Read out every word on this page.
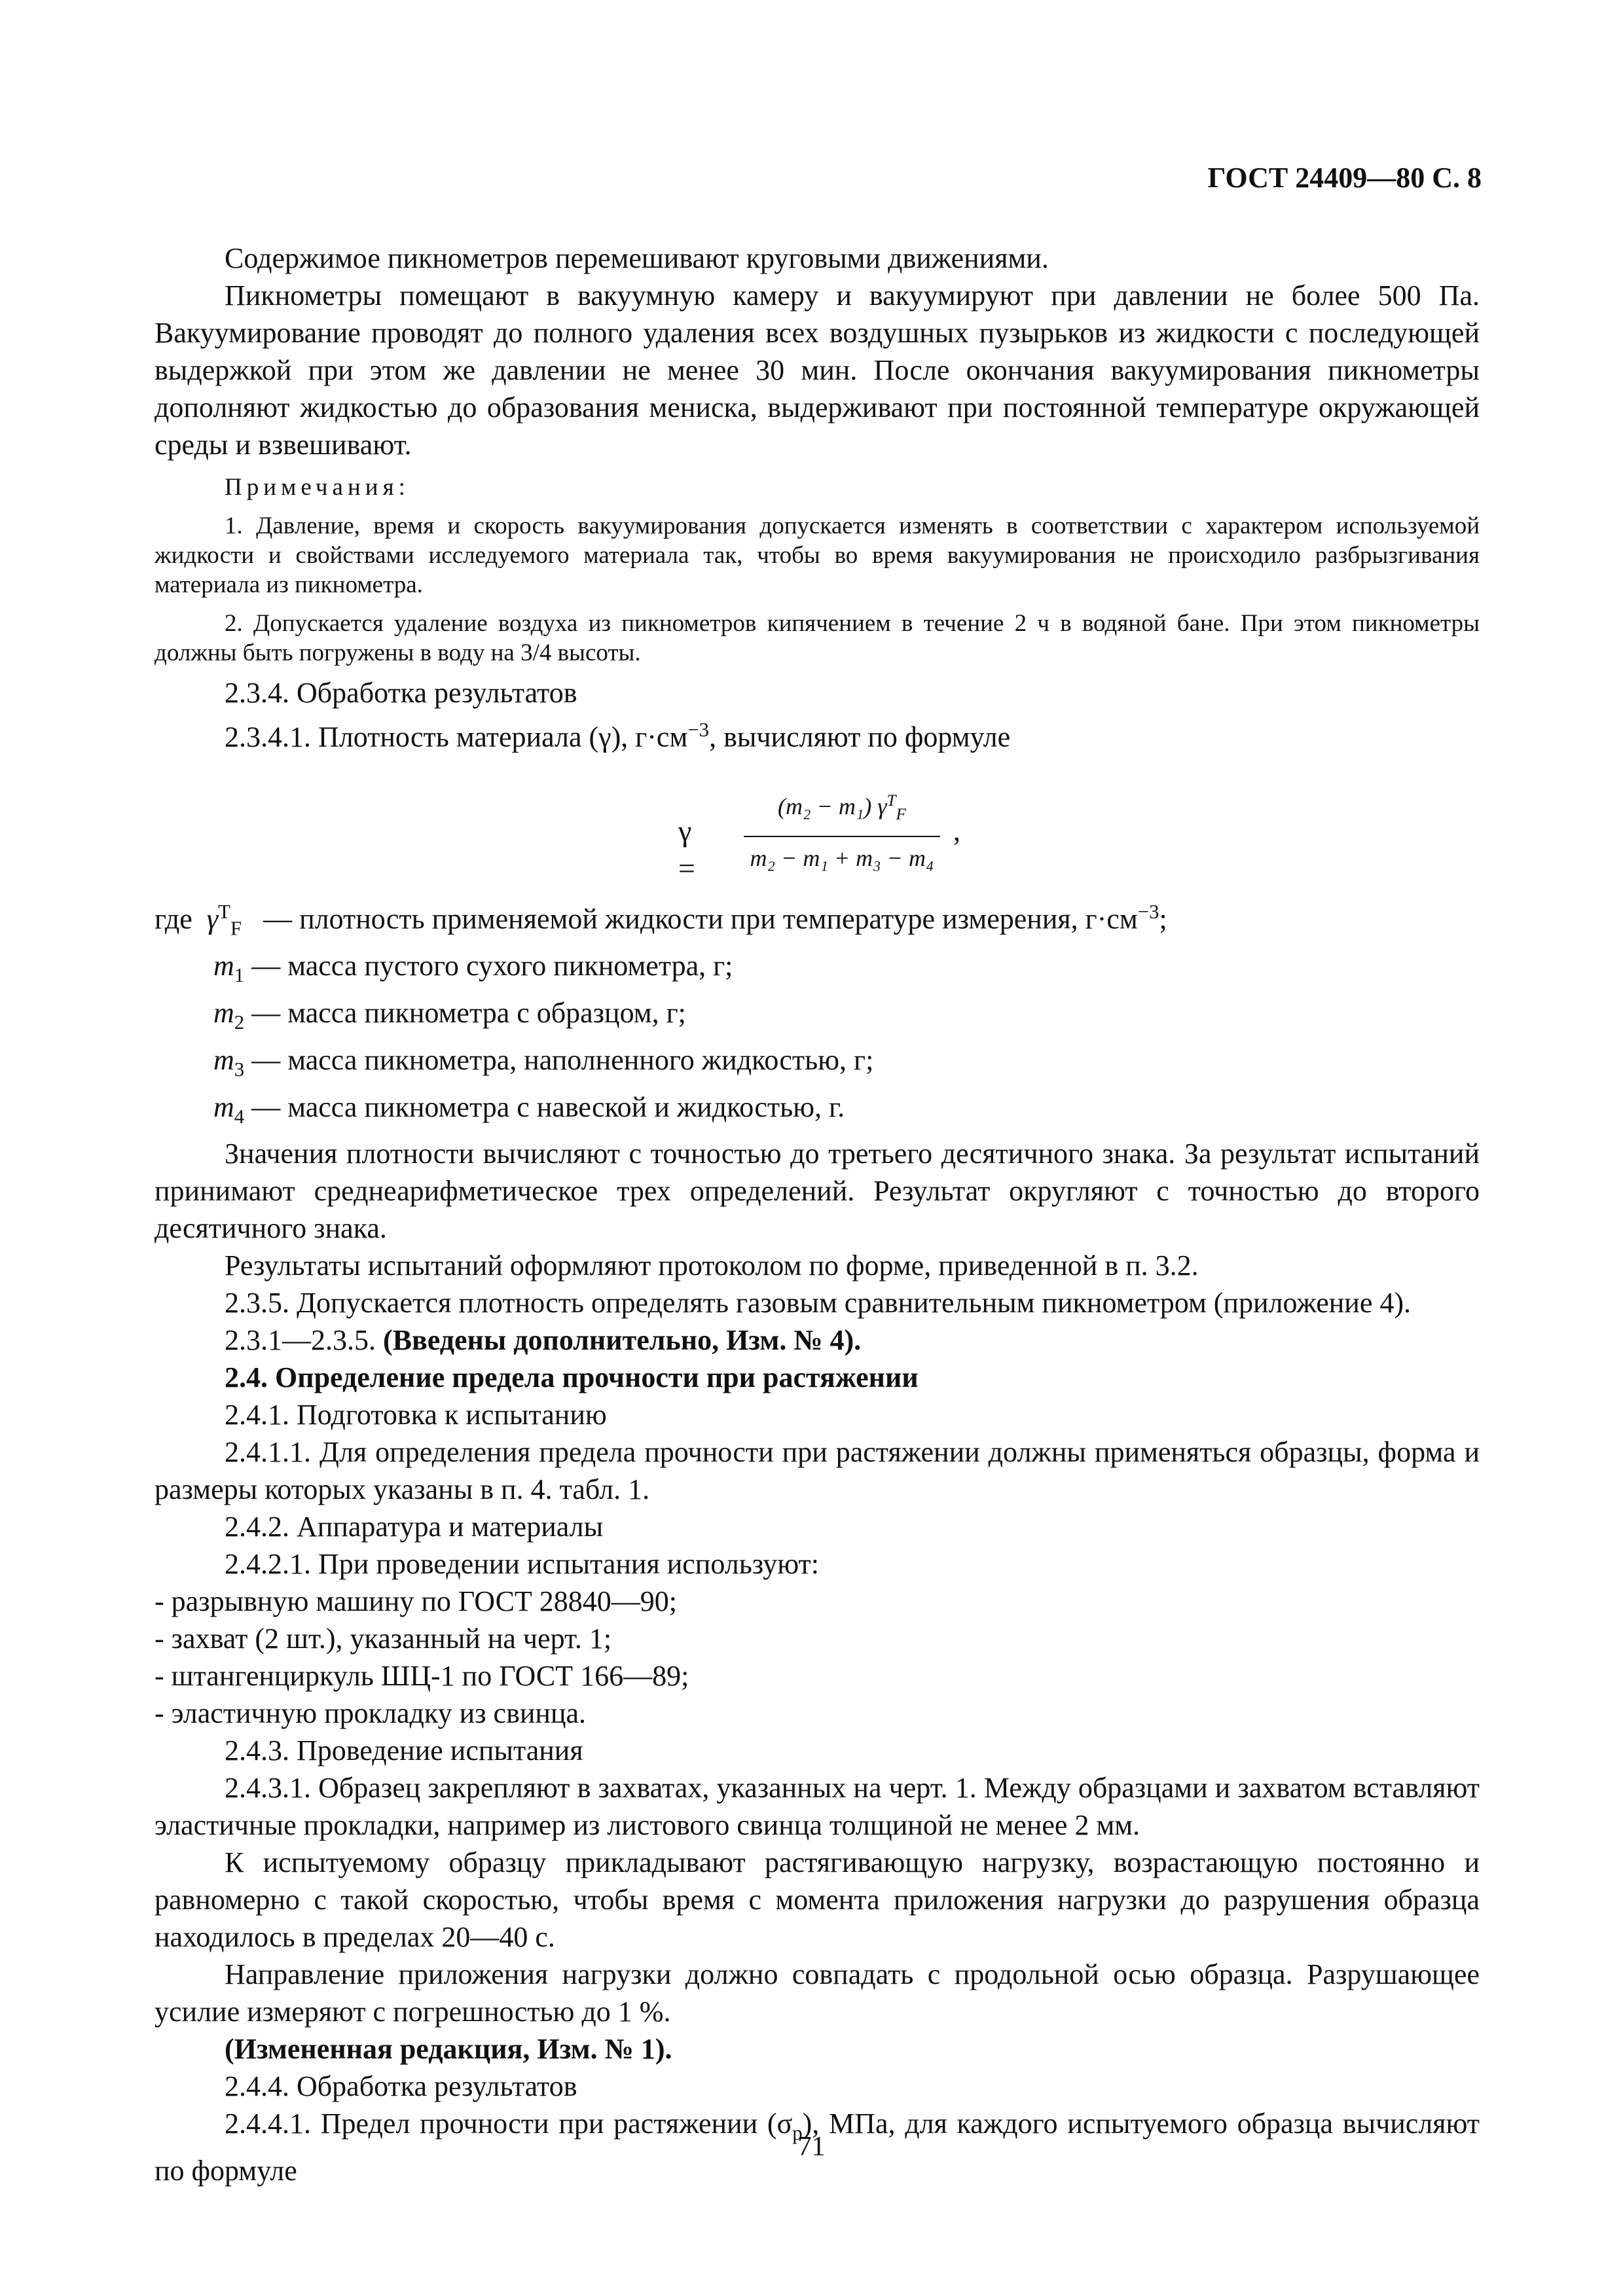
ГОСТ 24409—80 С. 8

Содержимое пикнометров перемешивают круговыми движениями.

Пикнометры помещают в вакуумную камеру и вакуумируют при давлении не более 500 Па. Вакуумирование проводят до полного удаления всех воздушных пузырьков из жидкости с последующей выдержкой при этом же давлении не менее 30 мин. После окончания вакуумирования пикнометры дополняют жидкостью до образования мениска, выдерживают при постоянной температуре окружающей среды и взвешивают.

Примечания:

1. Давление, время и скорость вакуумирования допускается изменять в соответствии с характером используемой жидкости и свойствами исследуемого материала так, чтобы во время вакуумирования не происходило разбрызгивания материала из пикнометра.

2. Допускается удаление воздуха из пикнометров кипячением в течение 2 ч в водяной бане. При этом пикнометры должны быть погружены в воду на 3/4 высоты.

2.3.4. Обработка результатов

2.3.4.1. Плотность материала (γ), $г\cdot см^{-3}$, вычисляют по формуле

γ =
(m₂ − m₁) $\gamma^T_F$
m₂ − m₁ + m₃ − m₄
,

где $\gamma^T_F$ — плотность применяемой жидкости при температуре измерения, $г\cdot см^{-3}$;

$m_1$ — масса пустого сухого пикнометра, г;

$m_2$ — масса пикнометра с образцом, г;

$m_3$ — масса пикнометра, наполненного жидкостью, г;

$m_4$ — масса пикнометра с навеской и жидкостью, г.

Значения плотности вычисляют с точностью до третьего десятичного знака. За результат испытаний принимают среднеарифметическое трех определений. Результат округляют с точностью до второго десятичного знака.

Результаты испытаний оформляют протоколом по форме, приведенной в п. 3.2.

2.3.5. Допускается плотность определять газовым сравнительным пикнометром (приложение 4).

2.3.1—2.3.5. (Введены дополнительно, Изм. № 4).

2.4. Определение предела прочности при растяжении

2.4.1. Подготовка к испытанию

2.4.1.1. Для определения предела прочности при растяжении должны применяться образцы, форма и размеры которых указаны в п. 4. табл. 1.

2.4.2. Аппаратура и материалы

2.4.2.1. При проведении испытания используют:

- разрывную машину по ГОСТ 28840—90;

- захват (2 шт.), указанный на черт. 1;

- штангенциркуль ШЦ-1 по ГОСТ 166—89;

- эластичную прокладку из свинца.

2.4.3. Проведение испытания

2.4.3.1. Образец закрепляют в захватах, указанных на черт. 1. Между образцами и захватом вставляют эластичные прокладки, например из листового свинца толщиной не менее 2 мм.

К испытуемому образцу прикладывают растягивающую нагрузку, возрастающую постоянно и равномерно с такой скоростью, чтобы время с момента приложения нагрузки до разрушения образца находилось в пределах 20—40 с.

Направление приложения нагрузки должно совпадать с продольной осью образца. Разрушающее усилие измеряют с погрешностью до 1 %.

(Измененная редакция, Изм. № 1).

2.4.4. Обработка результатов

2.4.4.1. Предел прочности при растяжении $(\sigma_р)$, МПа, для каждого испытуемого образца вычисляют по формуле

71
